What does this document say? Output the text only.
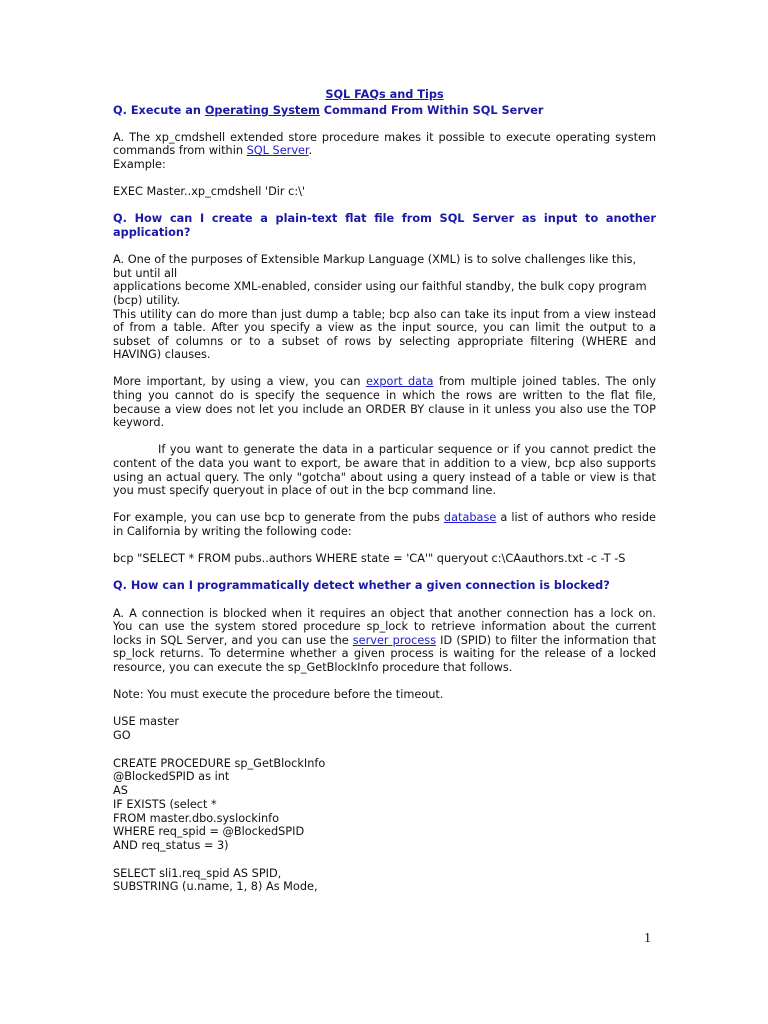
SQL FAQs and Tips

Q. Execute an Operating System Command From Within SQL Server

A. The xp_cmdshell extended store procedure makes it possible to execute operating system commands from within SQL Server.

Example:

EXEC Master..xp_cmdshell 'Dir c:\'

Q. How can I create a plain-text flat file from SQL Server as input to another application?

A. One of the purposes of Extensible Markup Language (XML) is to solve challenges like this, but until all

applications become XML-enabled, consider using our faithful standby, the bulk copy program (bcp) utility.

This utility can do more than just dump a table; bcp also can take its input from a view instead of from a table. After you specify a view as the input source, you can limit the output to a subset of columns or to a subset of rows by selecting appropriate filtering (WHERE and HAVING) clauses.

More important, by using a view, you can export data from multiple joined tables. The only thing you cannot do is specify the sequence in which the rows are written to the flat file, because a view does not let you include an ORDER BY clause in it unless you also use the TOP keyword.

If you want to generate the data in a particular sequence or if you cannot predict the content of the data you want to export, be aware that in addition to a view, bcp also supports using an actual query. The only "gotcha" about using a query instead of a table or view is that you must specify queryout in place of out in the bcp command line.

For example, you can use bcp to generate from the pubs database a list of authors who reside in California by writing the following code:

bcp "SELECT * FROM pubs..authors WHERE state = 'CA'" queryout c:\CAauthors.txt -c -T -S

Q. How can I programmatically detect whether a given connection is blocked?

A. A connection is blocked when it requires an object that another connection has a lock on. You can use the system stored procedure sp_lock to retrieve information about the current locks in SQL Server, and you can use the server process ID (SPID) to filter the information that sp_lock returns. To determine whether a given process is waiting for the release of a locked resource, you can execute the sp_GetBlockInfo procedure that follows.

Note: You must execute the procedure before the timeout.

USE master

GO

CREATE PROCEDURE sp_GetBlockInfo

@BlockedSPID as int

AS

IF EXISTS (select *

FROM master.dbo.syslockinfo

WHERE req_spid = @BlockedSPID

AND req_status = 3)

SELECT sli1.req_spid AS SPID,

SUBSTRING (u.name, 1, 8) As Mode,

1
